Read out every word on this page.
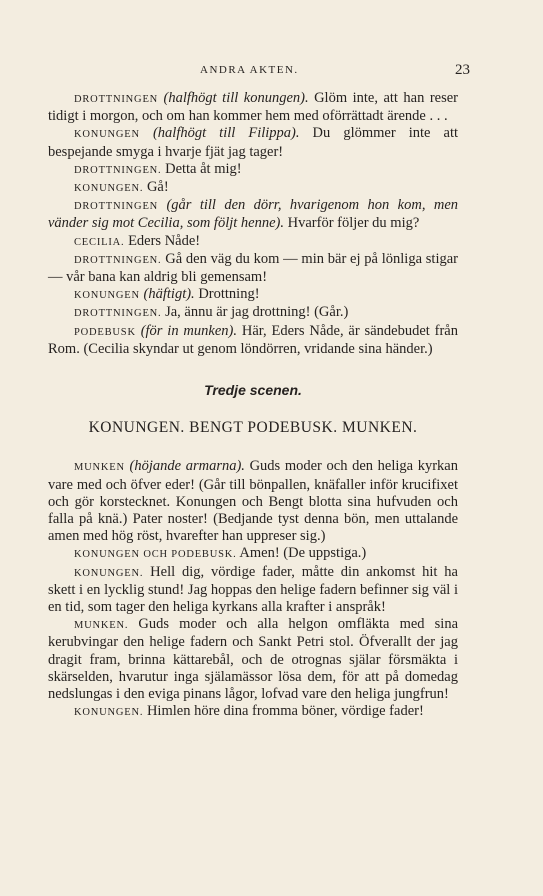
ANDRA AKTEN.	23

DROTTNINGEN (halfhögt till konungen). Glöm inte, att han reser tidigt i morgon, och om han kommer hem med oförrättadt ärende . . .

KONUNGEN (halfhögt till Filippa). Du glömmer inte att bespejande smyga i hvarje fjät jag tager!

DROTTNINGEN. Detta åt mig!

KONUNGEN. Gå!

DROTTNINGEN (går till den dörr, hvarigenom hon kom, men vänder sig mot Cecilia, som följt henne). Hvarför följer du mig?

CECILIA. Eders Nåde!

DROTTNINGEN. Gå den väg du kom — min bär ej på lönliga stigar — vår bana kan aldrig bli gemensam!

KONUNGEN (häftigt). Drottning!

DROTTNINGEN. Ja, ännu är jag drottning! (Går.)

PODEBUSK (för in munken). Här, Eders Nåde, är sändebudet från Rom. (Cecilia skyndar ut genom löndörren, vridande sina händer.)

Tredje scenen.
KONUNGEN. BENGT PODEBUSK. MUNKEN.

MUNKEN (höjande armarna). Guds moder och den heliga kyrkan vare med och öfver eder! (Går till bönpallen, knäfaller inför krucifixet och gör korstecknet. Konungen och Bengt blotta sina hufvuden och falla på knä.) Pater noster! (Bedjande tyst denna bön, men uttalande amen med hög röst, hvarefter han uppreser sig.)

KONUNGEN OCH PODEBUSK. Amen! (De uppstiga.)

KONUNGEN. Hell dig, vördige fader, måtte din ankomst hit ha skett i en lycklig stund! Jag hoppas den helige fadern befinner sig väl i en tid, som tager den heliga kyrkans alla krafter i anspråk!

MUNKEN. Guds moder och alla helgon omfläkta med sina kerubvingar den helige fadern och Sankt Petri stol. Öfverallt der jag dragit fram, brinna kättarebål, och de otrognas själar försmäkta i skärselden, hvarutur inga själamässor lösa dem, för att på domedag nedslungas i den eviga pinans lågor, lofvad vare den heliga jungfrun!

KONUNGEN. Himlen höre dina fromma böner, vördige fader!
